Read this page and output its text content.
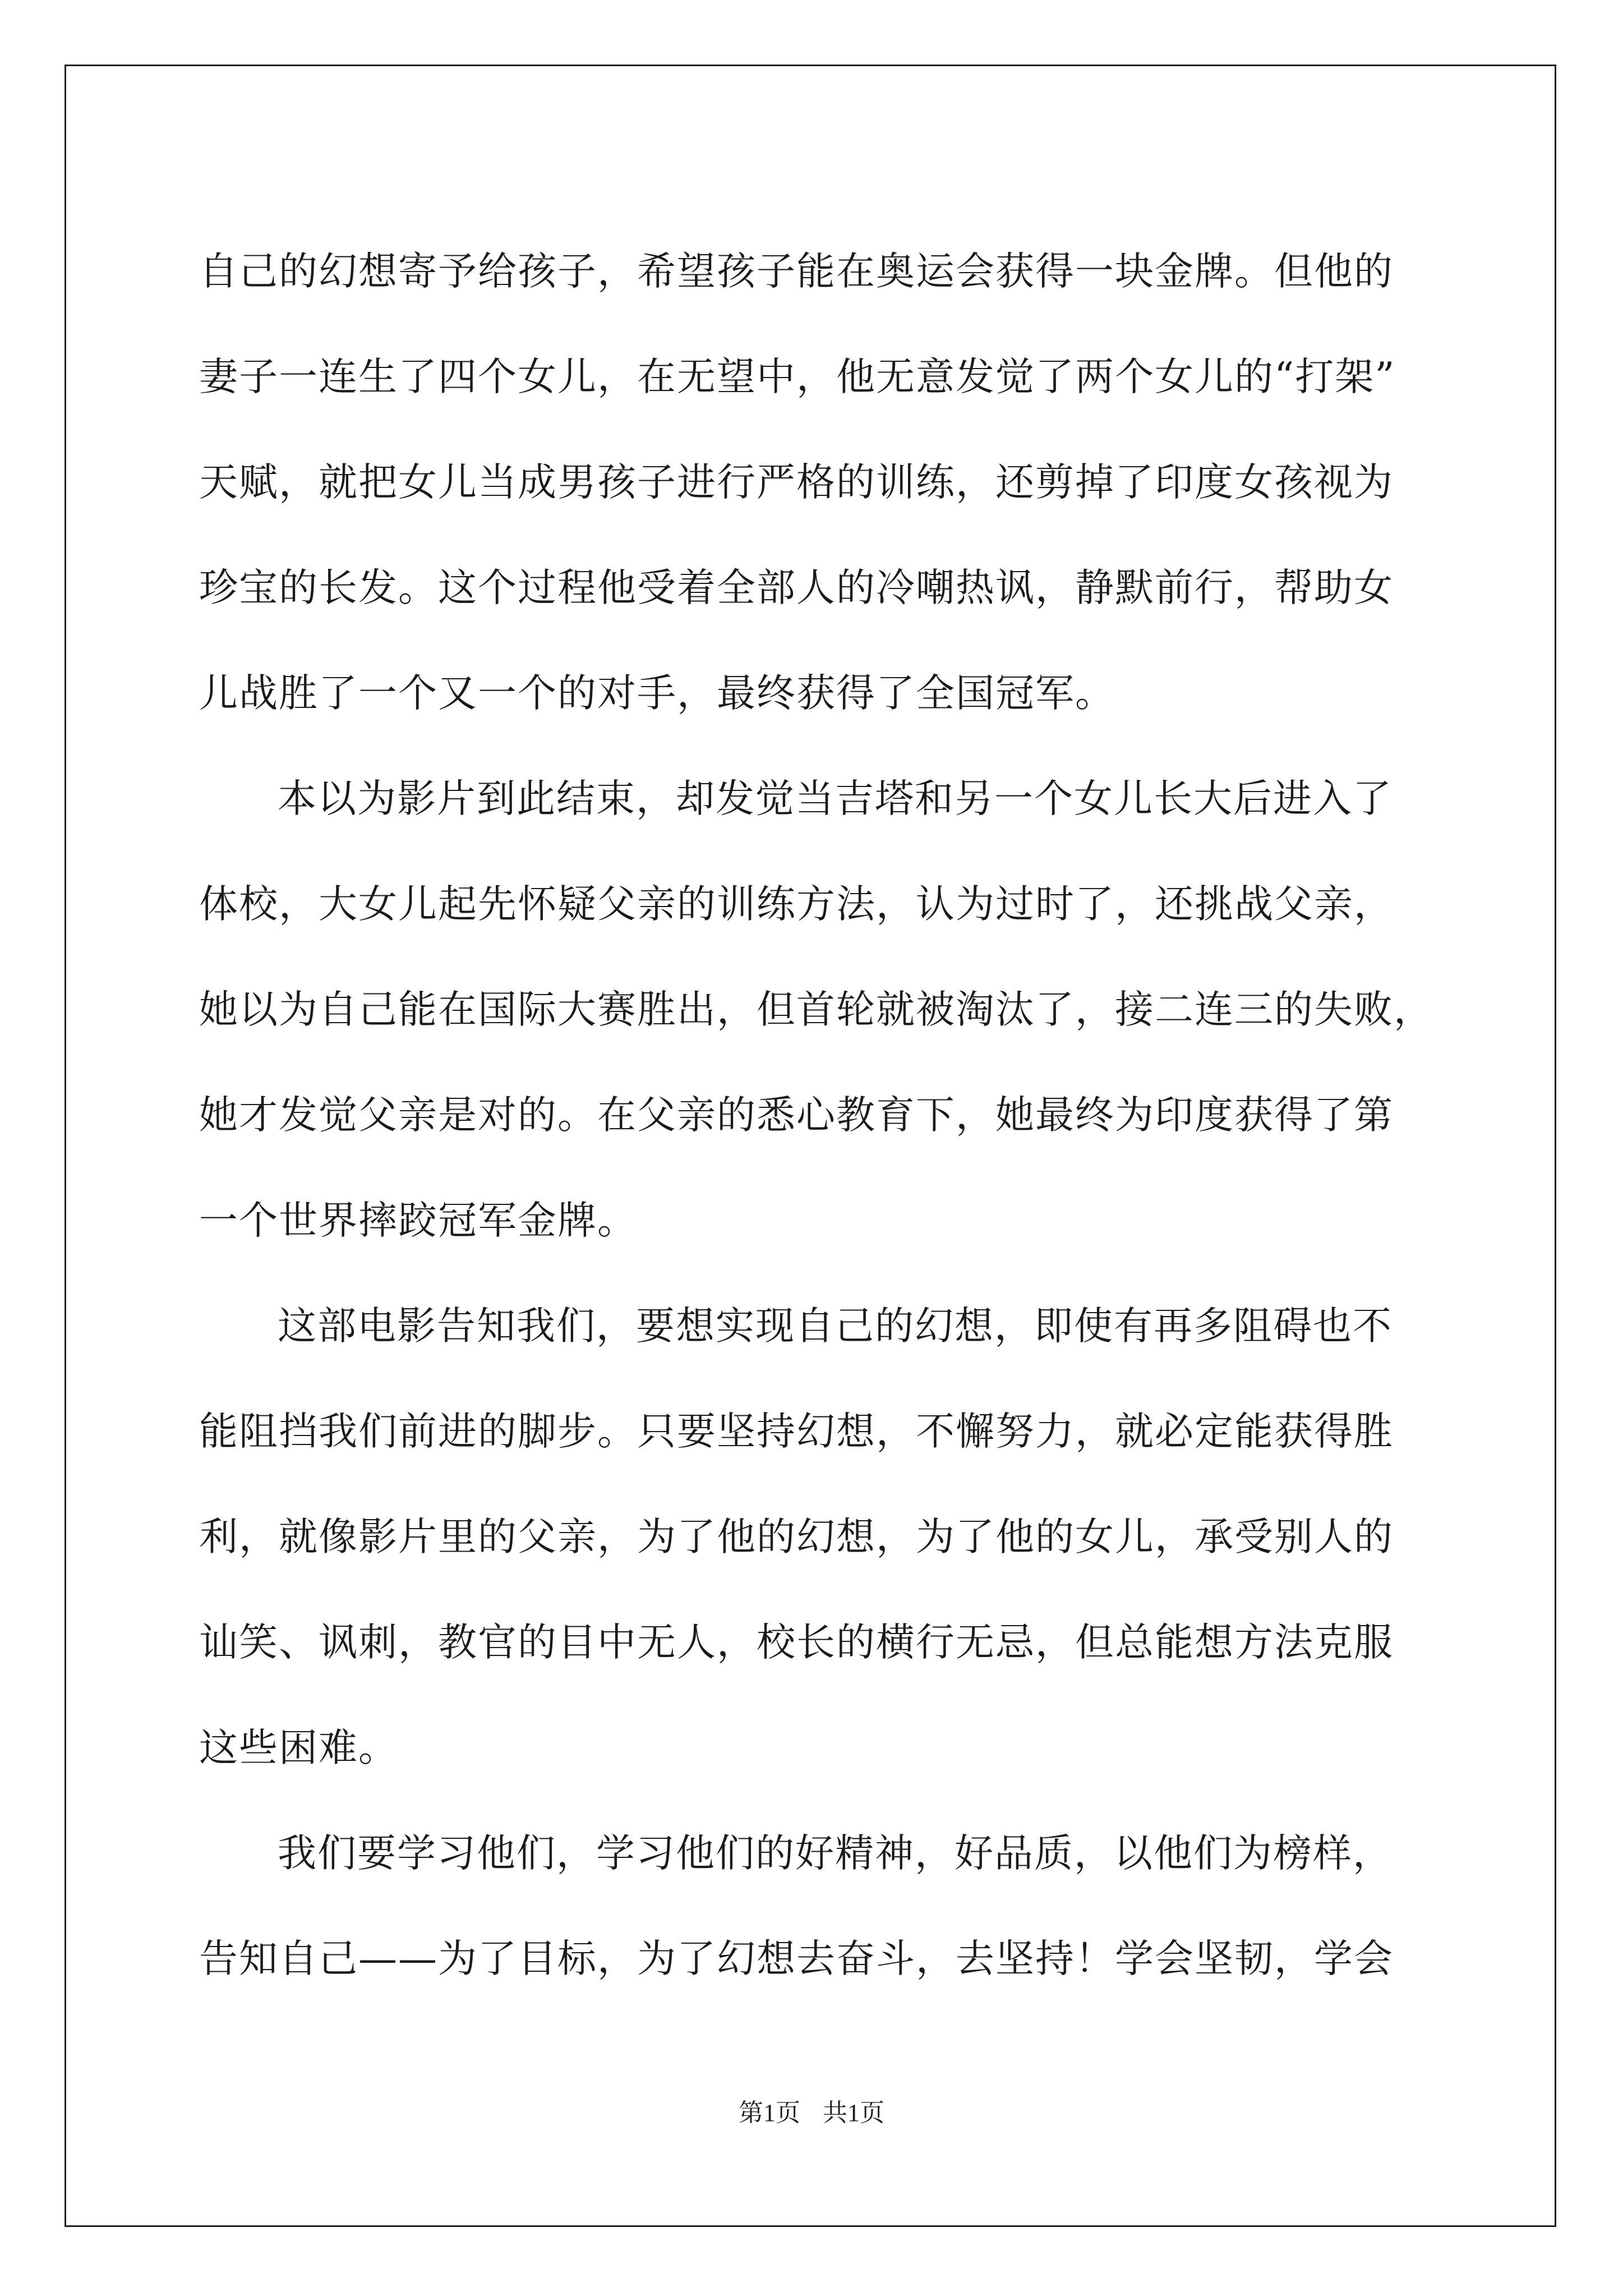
自己的幻想寄予给孩子，希望孩子能在奥运会获得一块金牌。但他的
妻子一连生了四个女儿，在无望中，他无意发觉了两个女儿的“打架”
天赋，就把女儿当成男孩子进行严格的训练，还剪掉了印度女孩视为
珍宝的长发。这个过程他受着全部人的冷嘲热讽，静默前行，帮助女
儿战胜了一个又一个的对手，最终获得了全国冠军。
本以为影片到此结束，却发觉当吉塔和另一个女儿长大后进入了
体校，大女儿起先怀疑父亲的训练方法，认为过时了，还挑战父亲，
她以为自己能在国际大赛胜出，但首轮就被淘汰了，接二连三的失败，
她才发觉父亲是对的。在父亲的悉心教育下，她最终为印度获得了第
一个世界摔跤冠军金牌。
这部电影告知我们，要想实现自己的幻想，即使有再多阻碍也不
能阻挡我们前进的脚步。只要坚持幻想，不懈努力，就必定能获得胜
利，就像影片里的父亲，为了他的幻想，为了他的女儿，承受别人的
讪笑、讽刺，教官的目中无人，校长的横行无忌，但总能想方法克服
这些困难。
我们要学习他们，学习他们的好精神，好品质，以他们为榜样，
告知自己——为了目标，为了幻想去奋斗，去坚持！学会坚韧，学会
第1页 共1页
